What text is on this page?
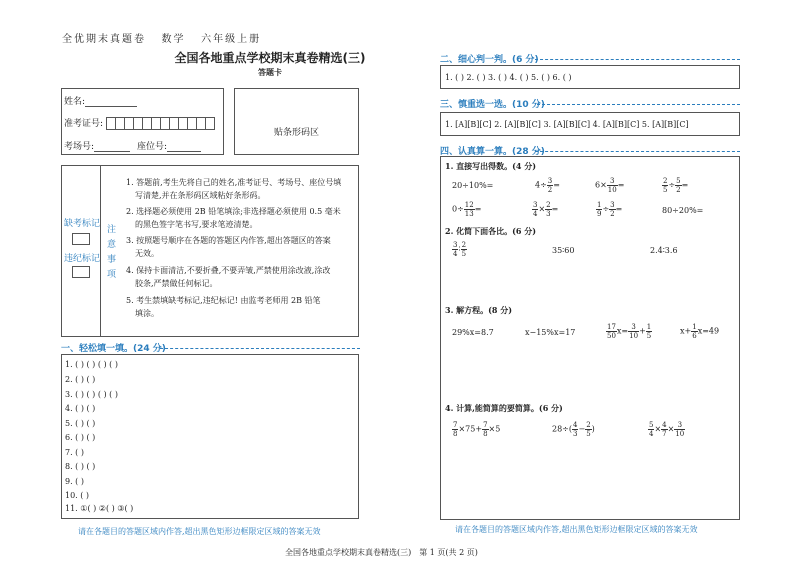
全优期末真题卷 数学 六年级上册
全国各地重点学校期末真卷精选(三)
答题卡
姓名:
准考证号:
考场号:	座位号:
贴条形码区
缺考标记
违纪标记
注
意
事
项
1. 答题前,考生先将自己的姓名,准考证号、考场号、座位号填
写清楚,并在条形码区域粘好条形码。
2. 选择题必须使用 2B 铅笔填涂;非选择题必须使用 0.5 毫米
的黑色签字笔书写,要求笔迹清楚。
3. 按照题号顺序在各题的答题区内作答,超出答题区的答案
无效。
4. 保持卡面清洁,不要折叠,不要弄皱,严禁使用涂改液,涂改
胶条,严禁做任何标记。
5. 考生禁填缺考标记,违纪标记! 由监考老师用 2B 铅笔
填涂。
一、轻松填一填。(24 分)
1. ( ) ( ) ( ) ( )
2. ( ) ( )
3. ( ) ( ) ( ) ( )
4. ( ) ( )
5. ( ) ( )
6. ( ) ( )
7. ( )
8. ( ) ( )
9. ( )
10. ( )
11. ①( ) ②( ) ③( )
请在各题目的答题区域内作答,超出黑色矩形边框限定区域的答案无效
二、细心判一判。(6 分)
1. ( ) 2. ( ) 3. ( ) 4. ( ) 5. ( ) 6. ( )
三、慎重选一选。(10 分)
1. [A][B][C] 2. [A][B][C] 3. [A][B][C] 4. [A][B][C] 5. [A][B][C]
四、认真算一算。(28 分)
1. 直接写出得数。(4 分)
20÷10%=	$4\div \frac{3}{2}$ =	$6\times \frac{3}{10}$ =	$\frac{2}{5} \div \frac{5}{2}$ =
$0\div \frac{12}{13}$ =	$\frac{3}{4} \times \frac{2}{3}$ =	$\frac{1}{9} \div \frac{3}{2}$ =	80÷20%=
2. 化简下面各比。(6 分)
$\frac{3}{4}$ ∶ $\frac{2}{5}$	35∶60	2.4∶3.6
3. 解方程。(8 分)
29%x=8.7	x−15%x=17	$\frac{17}{50} x= \frac{3}{10} + \frac{1}{5}$	$x+ \frac{1}{6} x=49$
4. 计算,能简算的要简算。(6 分)
$\frac{7}{8} \times 75+ \frac{7}{8} \times 5$	$28\div( \frac{4}{3} - \frac{2}{5}$ )	$\frac{5}{4} \times \frac{4}{7} \times \frac{3}{10}$
请在各题目的答题区域内作答,超出黑色矩形边框限定区域的答案无效
全国各地重点学校期末真卷精选(三)　第 1 页(共 2 页)
